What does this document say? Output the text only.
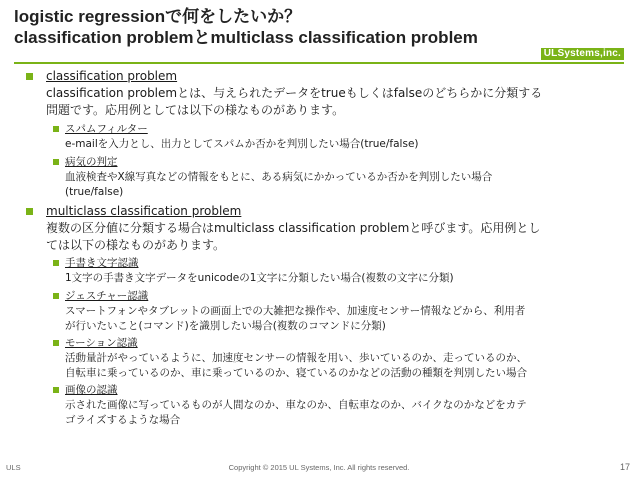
logistic regressionで何をしたいか？
classification problemとmulticlass classification problem
ULSystems,inc.
classification problem
classification problemとは、与えられたデータをtrueもしくはfalseのどちらかに分類する
問題です。応用例としては以下の様なものがあります。
スパムフィルター
e-mailを入力とし、出力としてスパムか否かを判別したい場合(true/false)
病気の判定
血液検査やX線写真などの情報をもとに、ある病気にかかっているか否かを判別したい場合
(true/false)
multiclass classification problem
複数の区分値に分類する場合はmulticlass classification problemと呼びます。応用例とし
ては以下の様なものがあります。
手書き文字認識
1文字の手書き文字データをunicodeの1文字に分類したい場合(複数の文字に分類)
ジェスチャー認識
スマートフォンやタブレットの画面上での大雑把な操作や、加速度センサー情報などから、利用者
が行いたいこと(コマンド)を識別したい場合(複数のコマンドに分類)
モーション認識
活動量計がやっているように、加速度センサーの情報を用い、歩いているのか、走っているのか、
自転車に乗っているのか、車に乗っているのか、寝ているのかなどの活動の種類を判別したい場合
画像の認識
示された画像に写っているものが人間なのか、車なのか、自転車なのか、バイクなのかなどをカテ
ゴライズするような場合
ULS	Copyright © 2015 UL Systems, Inc. All rights reserved.	17
